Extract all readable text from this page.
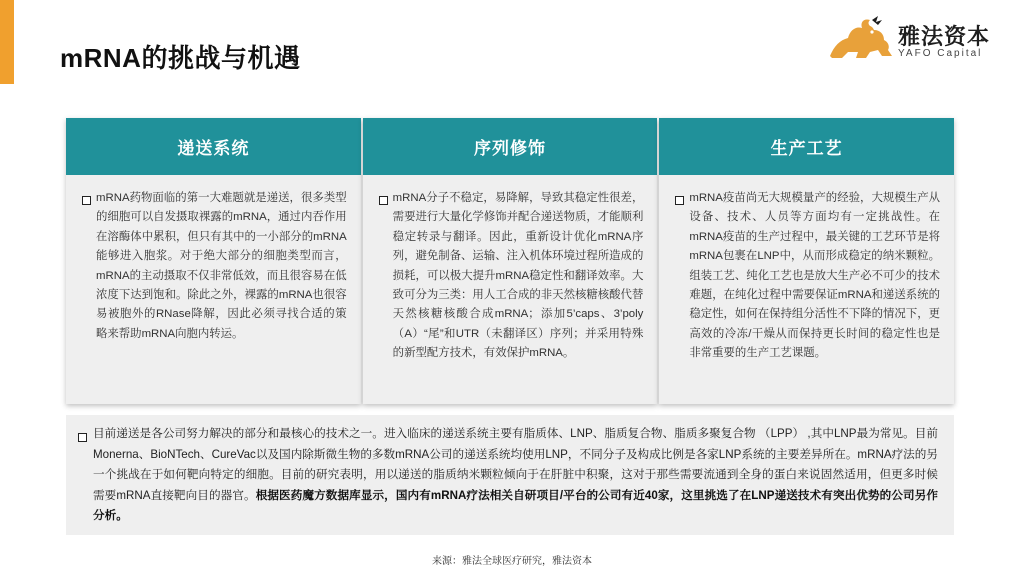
mRNA的挑战与机遇
雅法资本
YAFO Capital
递送系统
mRNA药物面临的第一大难题就是递送，很多类型的细胞可以自发摄取裸露的mRNA，通过内吞作用在溶酶体中累积，但只有其中的一小部分的mRNA能够进入胞浆。对于绝大部分的细胞类型而言，mRNA的主动摄取不仅非常低效，而且很容易在低浓度下达到饱和。除此之外，裸露的mRNA也很容易被胞外的RNase降解，因此必须寻找合适的策略来帮助mRNA向胞内转运。
序列修饰
mRNA分子不稳定，易降解，导致其稳定性很差，需要进行大量化学修饰并配合递送物质，才能顺利稳定转录与翻译。因此，重新设计优化mRNA序列，避免制备、运输、注入机体环境过程所造成的损耗，可以极大提升mRNA稳定性和翻译效率。大致可分为三类：用人工合成的非天然核糖核酸代替天然核糖核酸合成mRNA；添加5’caps、3’poly（A）“尾”和UTR（未翻译区）序列；并采用特殊的新型配方技术，有效保护mRNA。
生产工艺
mRNA疫苗尚无大规模量产的经验，大规模生产从设备、技术、人员等方面均有一定挑战性。在mRNA疫苗的生产过程中，最关键的工艺环节是将mRNA包裹在LNP中，从而形成稳定的纳米颗粒。组装工艺、纯化工艺也是放大生产必不可少的技术难题，在纯化过程中需要保证mRNA和递送系统的稳定性，如何在保持组分活性不下降的情况下，更高效的冷冻/干燥从而保持更长时间的稳定性也是非常重要的生产工艺课题。
目前递送是各公司努力解决的部分和最核心的技术之一。进入临床的递送系统主要有脂质体、LNP、脂质复合物、脂质多聚复合物 （LPP） ,其中LNP最为常见。目前Monerna、BioNTech、CureVac以及国内除斯微生物的多数mRNA公司的递送系统均使用LNP，不同分子及构成比例是各家LNP系统的主要差异所在。mRNA疗法的另一个挑战在于如何靶向特定的细胞。目前的研究表明，用以递送的脂质纳米颗粒倾向于在肝脏中积聚，这对于那些需要流通到全身的蛋白来说固然适用，但更多时候需要mRNA直接靶向目的器官。根据医药魔方数据库显示，国内有mRNA疗法相关自研项目/平台的公司有近40家，这里挑选了在LNP递送技术有突出优势的公司另作分析。
来源：雅法全球医疗研究，雅法资本
